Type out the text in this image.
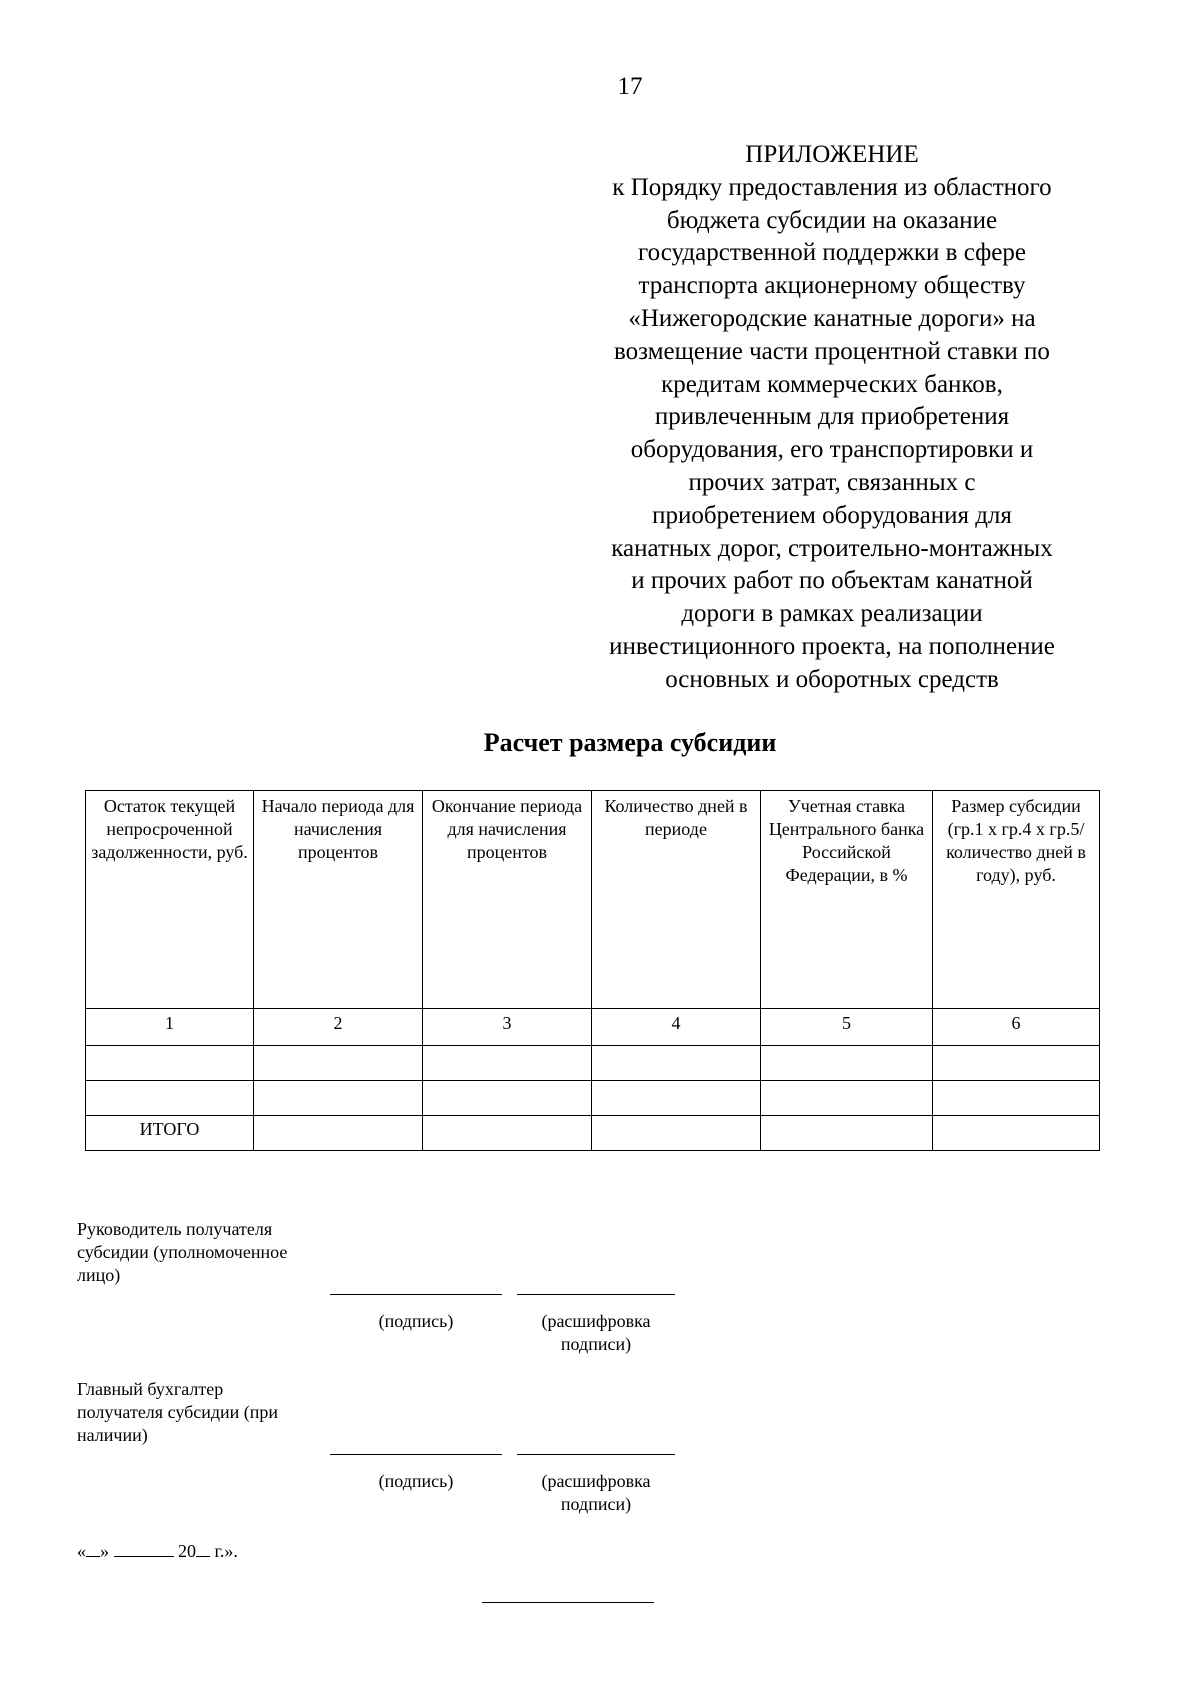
17
ПРИЛОЖЕНИЕ
к Порядку предоставления из областного
бюджета субсидии на оказание
государственной поддержки в сфере
транспорта акционерному обществу
«Нижегородские канатные дороги» на
возмещение части процентной ставки по
кредитам коммерческих банков,
привлеченным для приобретения
оборудования, его транспортировки и
прочих затрат, связанных с
приобретением оборудования для
канатных дорог, строительно-монтажных
и прочих работ по объектам канатной
дороги в рамках реализации
инвестиционного проекта, на пополнение
основных и оборотных средств
Расчет размера субсидии
Остаток текущей непросроченной задолженности, руб.	Начало периода для начисления процентов	Окончание периода для начисления процентов	Количество дней в периоде	Учетная ставка Центрального банка Российской Федерации, в %	Размер субсидии (гр.1 x гр.4 x гр.5/ количество дней в году), руб.
1	2	3	4	5	6

ИТОГО					
Руководитель получателя субсидии (уполномоченное лицо)
(подпись)	(расшифровка подписи)
Главный бухгалтер получателя субсидии (при наличии)
(подпись)	(расшифровка подписи)
« »	20 г.».
